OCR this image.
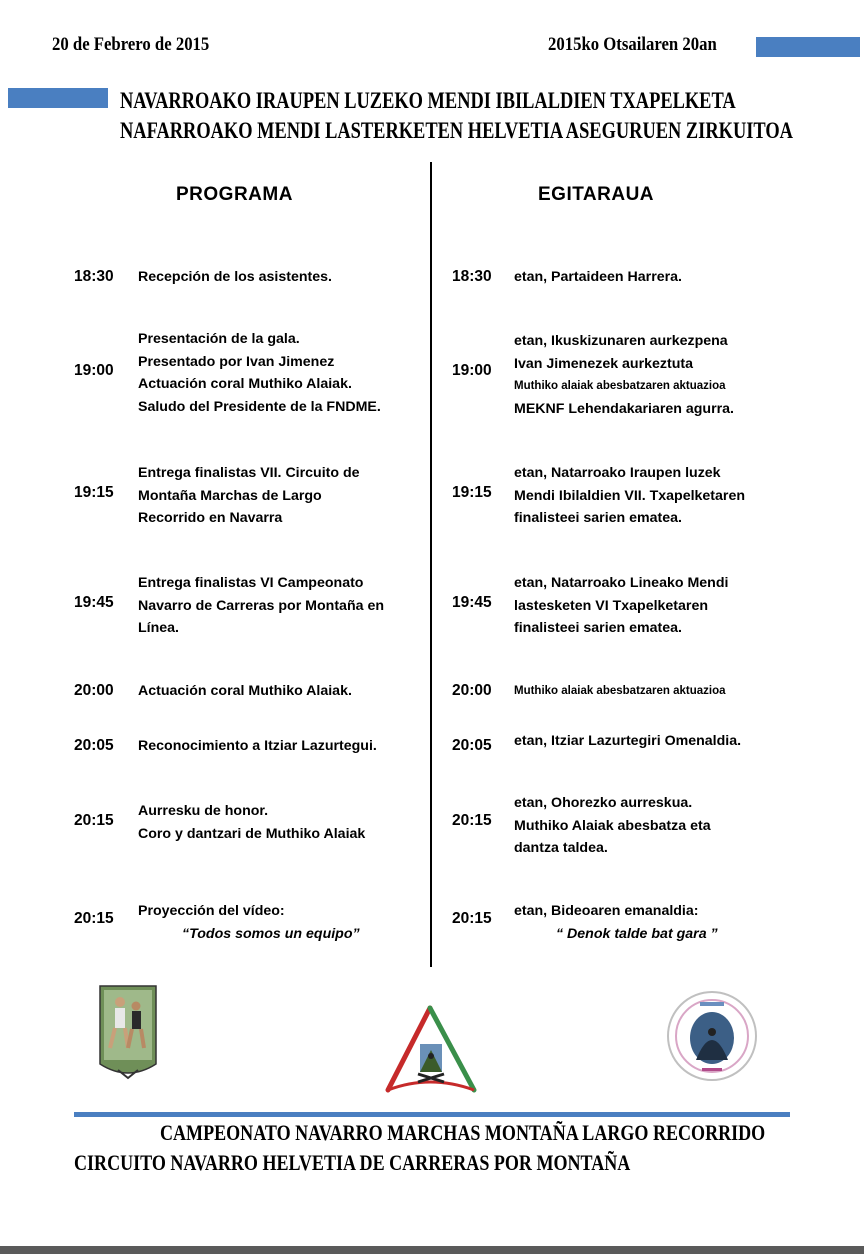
20 de Febrero de 2015	2015ko Otsailaren 20an
NAVARROAKO IRAUPEN LUZEKO MENDI IBILALDIEN TXAPELKETA
NAFARROAKO MENDI LASTERKETEN HELVETIA ASEGURUEN ZIRKUITOA
PROGRAMA	EGITARAUA
18:30	Recepción de los asistentes.
19:00
Presentación de la gala.
Presentado por Ivan Jimenez
Actuación coral Muthiko Alaiak.
Saludo del Presidente de la FNDME.
19:15
Entrega finalistas VII. Circuito de
Montaña Marchas de Largo
Recorrido en Navarra
19:45
Entrega finalistas VI Campeonato
Navarro de Carreras por Montaña en
Línea.
20:00	Actuación coral Muthiko Alaiak.
20:05	Reconocimiento a Itziar Lazurtegui.
20:15
Aurresku de honor.
Coro y dantzari de Muthiko Alaiak
20:15	Proyección del vídeo:
“Todos somos un equipo”
18:30	etan, Partaideen Harrera.
19:00
etan, Ikuskizunaren aurkezpena
Ivan Jimenezek aurkeztuta
Muthiko alaiak abesbatzaren aktuazioa
MEKNF Lehendakariaren agurra.
19:15
etan, Natarroako Iraupen luzek
Mendi Ibilaldien VII. Txapelketaren
finalisteei sarien ematea.
19:45
etan, Natarroako Lineako Mendi
lastesketen VI Txapelketaren
finalisteei sarien ematea.
20:00	Muthiko alaiak abesbatzaren aktuazioa
20:05	etan, Itziar Lazurtegiri Omenaldia.
20:15
etan, Ohorezko aurreskua.
Muthiko Alaiak abesbatza eta
dantza taldea.
20:15	etan, Bideoaren emanaldia:
“ Denok talde bat gara ”
CAMPEONATO NAVARRO MARCHAS MONTAÑA LARGO RECORRIDO
CIRCUITO NAVARRO HELVETIA DE CARRERAS POR MONTAÑA
